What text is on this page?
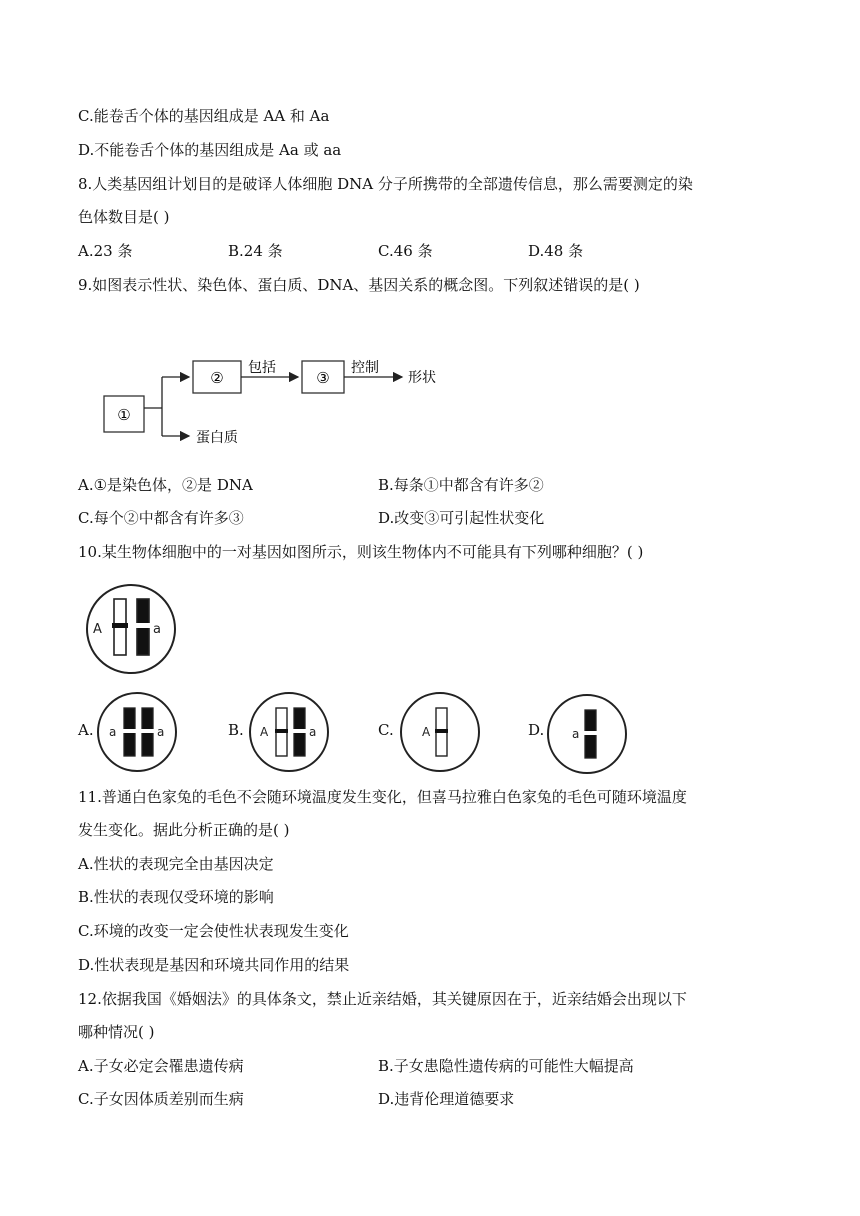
C.能卷舌个体的基因组成是 AA 和 Aa
D.不能卷舌个体的基因组成是 Aa 或 aa
8.人类基因组计划目的是破译人体细胞 DNA 分子所携带的全部遗传信息，那么需要测定的染
色体数目是( )
A.23 条	B.24 条	C.46 条	D.48 条
9.如图表示性状、染色体、蛋白质、DNA、基因关系的概念图。下列叙述错误的是( )
①
②
包括
③
控制
形状
蛋白质
A.①是染色体，②是 DNA	B.每条①中都含有许多②
C.每个②中都含有许多③	D.改变③可引起性状变化
10.某生物体细胞中的一对基因如图所示，则该生物体内不可能具有下列哪种细胞？( )
A	a
A. a	a	B. A	a	C. A	D. a
11.普通白色家兔的毛色不会随环境温度发生变化，但喜马拉雅白色家兔的毛色可随环境温度
发生变化。据此分析正确的是( )
A.性状的表现完全由基因决定
B.性状的表现仅受环境的影响
C.环境的改变一定会使性状表现发生变化
D.性状表现是基因和环境共同作用的结果
12.依据我国《婚姻法》的具体条文，禁止近亲结婚，其关键原因在于，近亲结婚会出现以下
哪种情况( )
A.子女必定会罹患遗传病	B.子女患隐性遗传病的可能性大幅提高
C.子女因体质差别而生病	D.违背伦理道德要求
